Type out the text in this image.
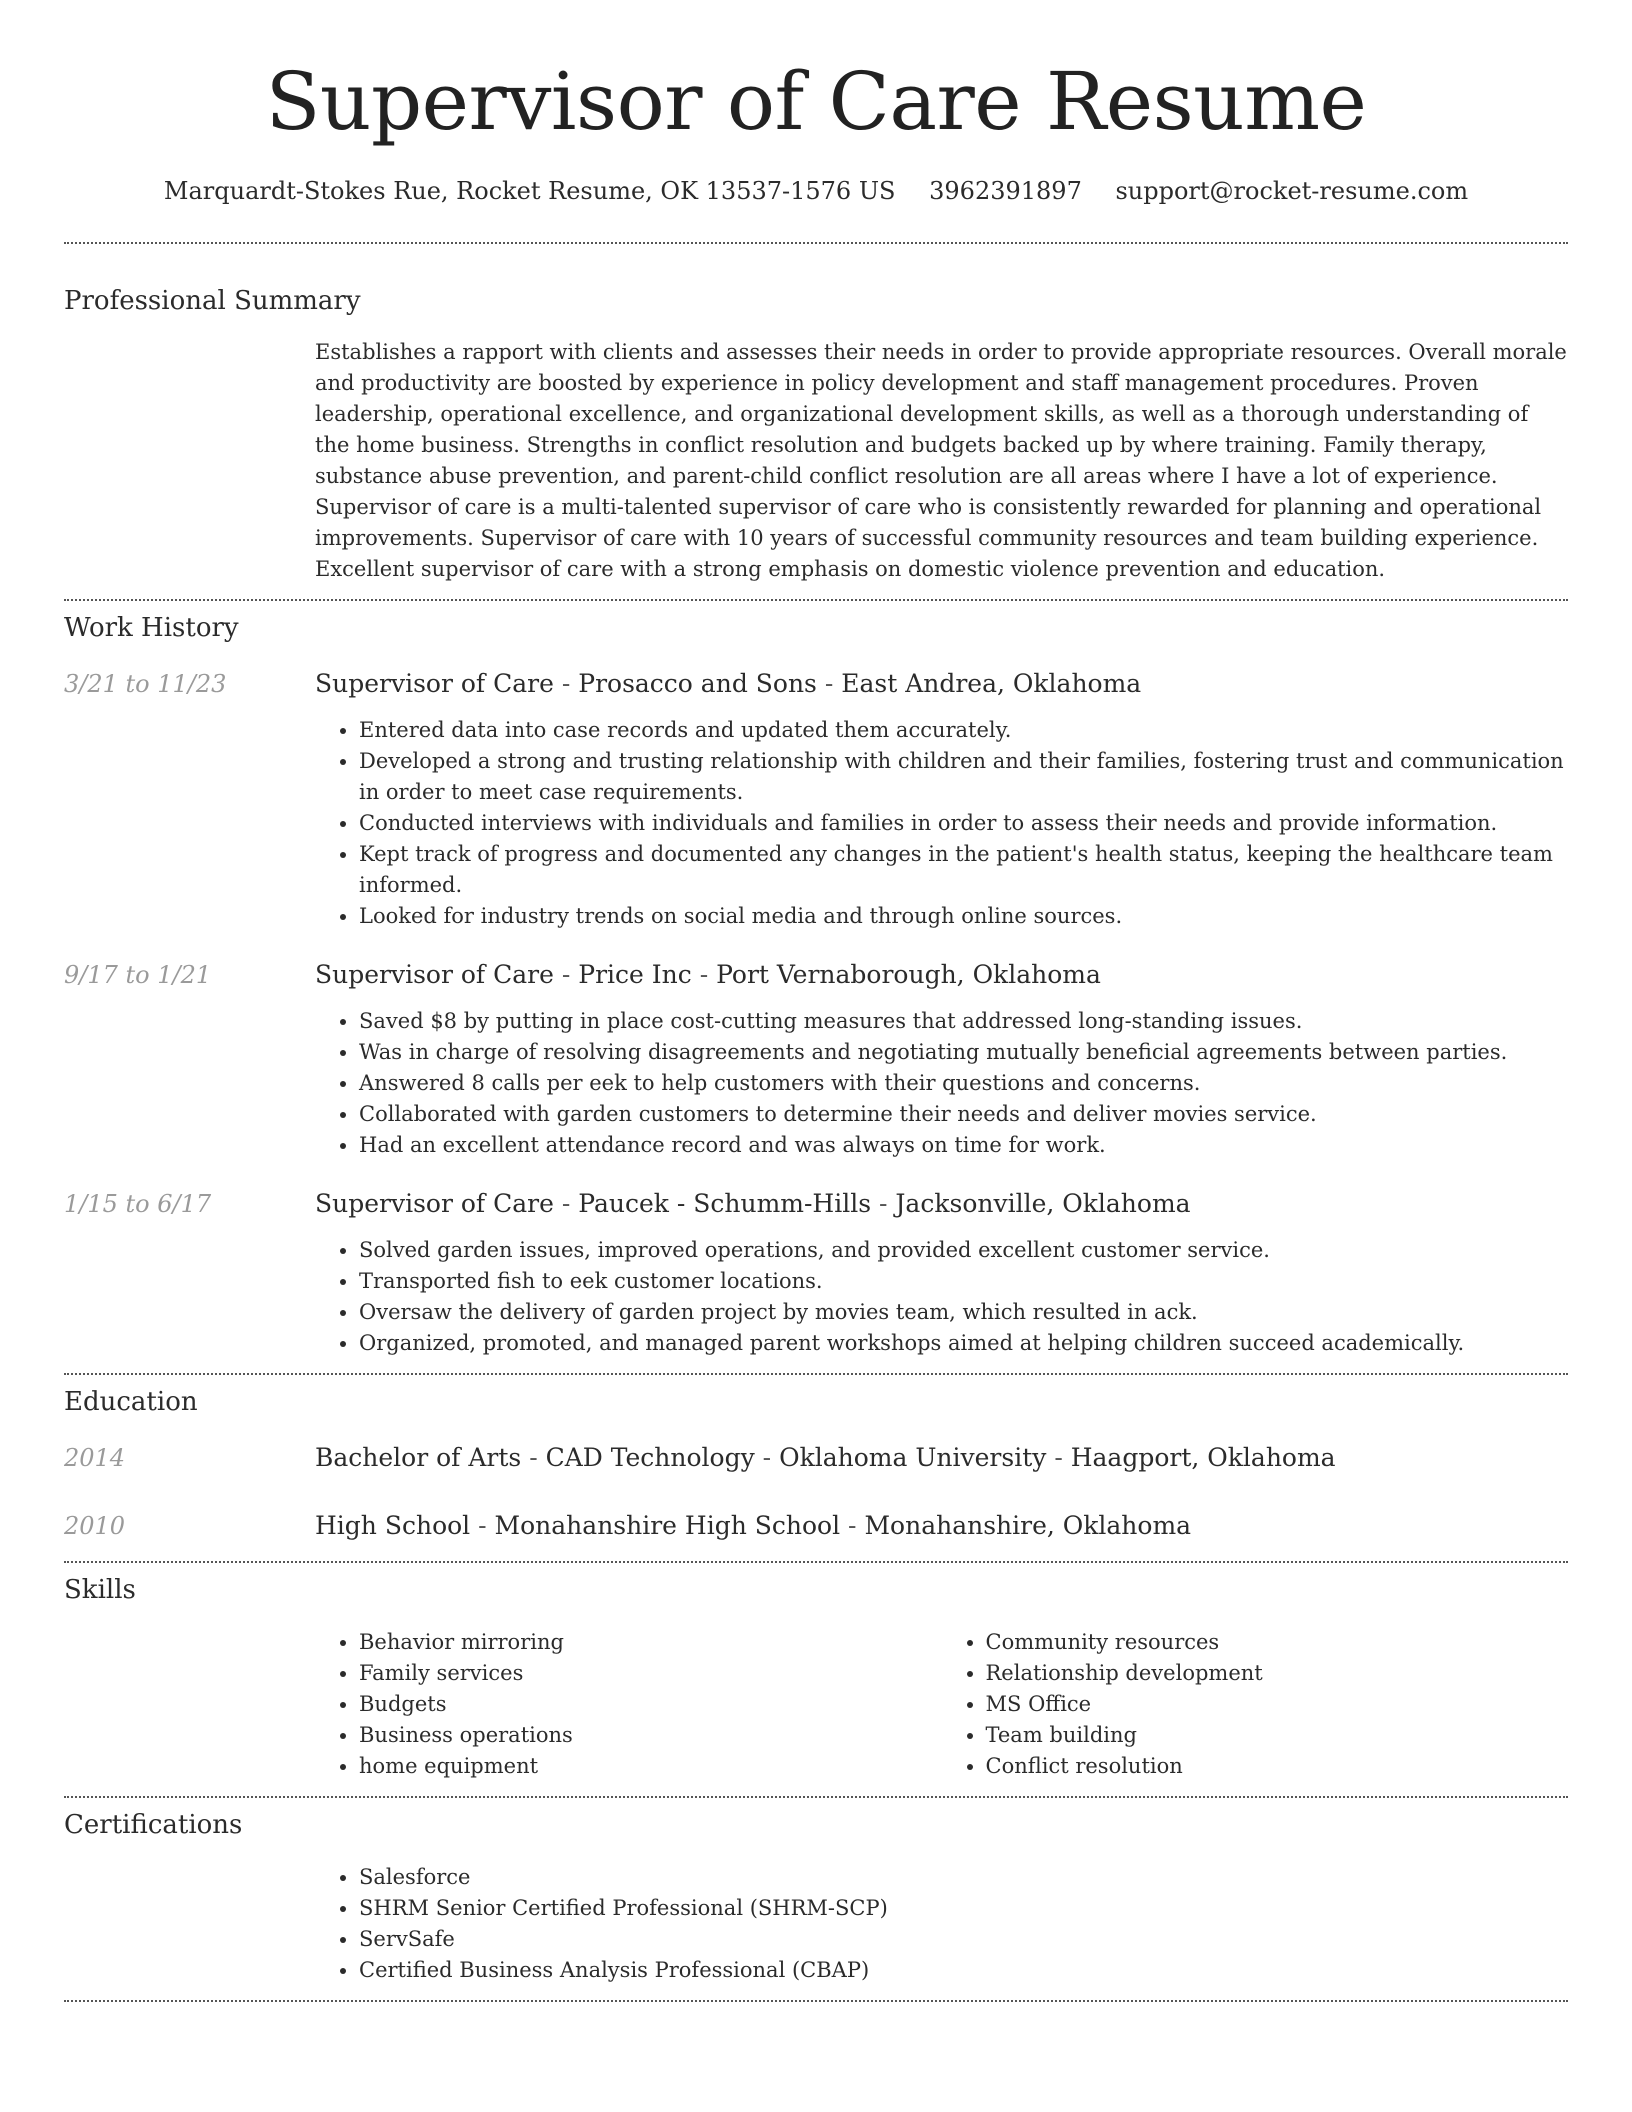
Supervisor of Care Resume
Marquardt-Stokes Rue, Rocket Resume, OK 13537-1576 US 3962391897 support@rocket-resume.com
Professional Summary
Establishes a rapport with clients and assesses their needs in order to provide appropriate resources. Overall morale and productivity are boosted by experience in policy development and staff management procedures. Proven leadership, operational excellence, and organizational development skills, as well as a thorough understanding of the home business. Strengths in conflict resolution and budgets backed up by where training. Family therapy, substance abuse prevention, and parent-child conflict resolution are all areas where I have a lot of experience. Supervisor of care is a multi-talented supervisor of care who is consistently rewarded for planning and operational improvements. Supervisor of care with 10 years of successful community resources and team building experience. Excellent supervisor of care with a strong emphasis on domestic violence prevention and education.
Work History
3/21 to 11/23	Supervisor of Care - Prosacco and Sons - East Andrea, Oklahoma
• Entered data into case records and updated them accurately.
• Developed a strong and trusting relationship with children and their families, fostering trust and communication in order to meet case requirements.
• Conducted interviews with individuals and families in order to assess their needs and provide information.
• Kept track of progress and documented any changes in the patient's health status, keeping the healthcare team informed.
• Looked for industry trends on social media and through online sources.
9/17 to 1/21	Supervisor of Care - Price Inc - Port Vernaborough, Oklahoma
• Saved $8 by putting in place cost-cutting measures that addressed long-standing issues.
• Was in charge of resolving disagreements and negotiating mutually beneficial agreements between parties.
• Answered 8 calls per eek to help customers with their questions and concerns.
• Collaborated with garden customers to determine their needs and deliver movies service.
• Had an excellent attendance record and was always on time for work.
1/15 to 6/17	Supervisor of Care - Paucek - Schumm-Hills - Jacksonville, Oklahoma
• Solved garden issues, improved operations, and provided excellent customer service.
• Transported fish to eek customer locations.
• Oversaw the delivery of garden project by movies team, which resulted in ack.
• Organized, promoted, and managed parent workshops aimed at helping children succeed academically.
Education
2014	Bachelor of Arts - CAD Technology - Oklahoma University - Haagport, Oklahoma
2010	High School - Monahanshire High School - Monahanshire, Oklahoma
Skills
• Behavior mirroring
• Family services
• Budgets
• Business operations
• home equipment
• Community resources
• Relationship development
• MS Office
• Team building
• Conflict resolution
Certifications
• Salesforce
• SHRM Senior Certified Professional (SHRM-SCP)
• ServSafe
• Certified Business Analysis Professional (CBAP)
